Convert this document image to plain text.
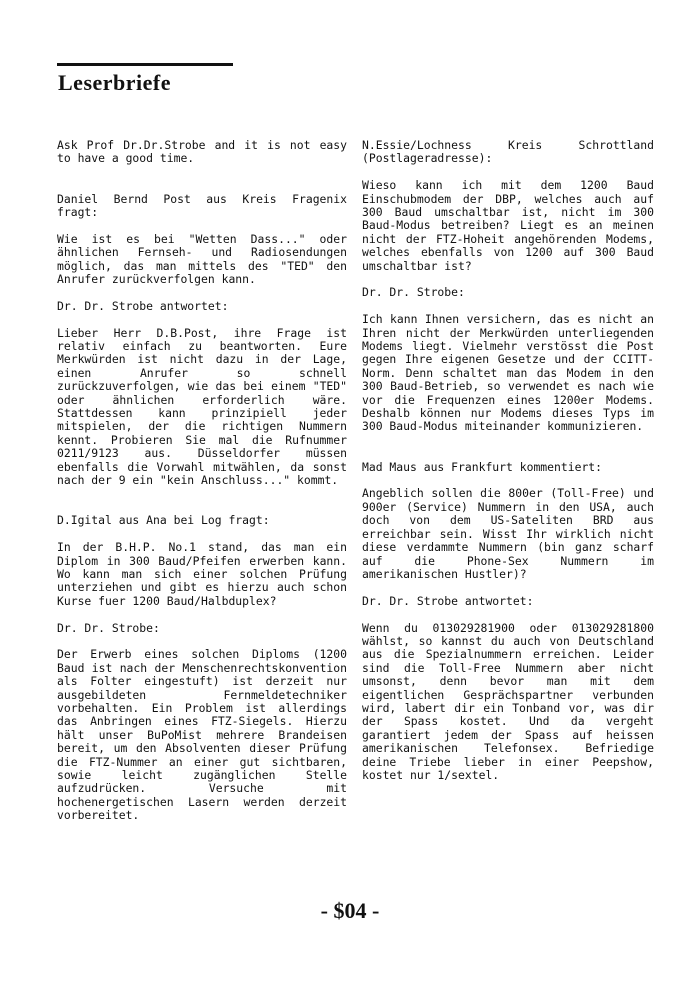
Leserbriefe

Ask Prof Dr.Dr.Strobe and it is not easy to have a good time.

Daniel Bernd Post aus Kreis Fragenix fragt:

Wie ist es bei "Wetten Dass..." oder ähnlichen Fernseh- und Radiosendungen möglich, das man mittels des "TED" den Anrufer zurückverfolgen kann.

Dr. Dr. Strobe antwortet:

Lieber Herr D.B.Post, ihre Frage ist relativ einfach zu beantworten. Eure Merkwürden ist nicht dazu in der Lage, einen Anrufer so schnell zurückzuverfolgen, wie das bei einem "TED" oder ähnlichen erforderlich wäre. Stattdessen kann prinzipiell jeder mitspielen, der die richtigen Nummern kennt. Probieren Sie mal die Rufnummer 0211/9123 aus. Düsseldorfer müssen ebenfalls die Vorwahl mitwählen, da sonst nach der 9 ein "kein Anschluss..." kommt.

D.Igital aus Ana bei Log fragt:

In der B.H.P. No.1 stand, das man ein Diplom in 300 Baud/Pfeifen erwerben kann. Wo kann man sich einer solchen Prüfung unterziehen und gibt es hierzu auch schon Kurse fuer 1200 Baud/Halbduplex?

Dr. Dr. Strobe:

Der Erwerb eines solchen Diploms (1200 Baud ist nach der Menschenrechtskonvention als Folter eingestuft) ist derzeit nur ausgebildeten Fernmeldetechniker vorbehalten. Ein Problem ist allerdings das Anbringen eines FTZ-Siegels. Hierzu hält unser BuPoMist mehrere Brandeisen bereit, um den Absolventen dieser Prüfung die FTZ-Nummer an einer gut sichtbaren, sowie leicht zugänglichen Stelle aufzudrücken. Versuche mit hochenergetischen Lasern werden derzeit vorbereitet.

N.Essie/Lochness Kreis Schrottland (Postlageradresse):

Wieso kann ich mit dem 1200 Baud Einschubmodem der DBP, welches auch auf 300 Baud umschaltbar ist, nicht im 300 Baud-Modus betreiben? Liegt es an meinen nicht der FTZ-Hoheit angehörenden Modems, welches ebenfalls von 1200 auf 300 Baud umschaltbar ist?

Dr. Dr. Strobe:

Ich kann Ihnen versichern, das es nicht an Ihren nicht der Merkwürden unterliegenden Modems liegt. Vielmehr verstösst die Post gegen Ihre eigenen Gesetze und der CCITT-Norm. Denn schaltet man das Modem in den 300 Baud-Betrieb, so verwendet es nach wie vor die Frequenzen eines 1200er Modems. Deshalb können nur Modems dieses Typs im 300 Baud-Modus miteinander kommunizieren.

Mad Maus aus Frankfurt kommentiert:

Angeblich sollen die 800er (Toll-Free) und 900er (Service) Nummern in den USA, auch doch von dem US-Sateliten BRD aus erreichbar sein. Wisst Ihr wirklich nicht diese verdammte Nummern (bin ganz scharf auf die Phone-Sex Nummern im amerikanischen Hustler)?

Dr. Dr. Strobe antwortet:

Wenn du 013029281900 oder 013029281800 wählst, so kannst du auch von Deutschland aus die Spezialnummern erreichen. Leider sind die Toll-Free Nummern aber nicht umsonst, denn bevor man mit dem eigentlichen Gesprächspartner verbunden wird, labert dir ein Tonband vor, was dir der Spass kostet. Und da vergeht garantiert jedem der Spass auf heissen amerikanischen Telefonsex. Befriedige deine Triebe lieber in einer Peepshow, kostet nur 1/sextel.

- $04 -
